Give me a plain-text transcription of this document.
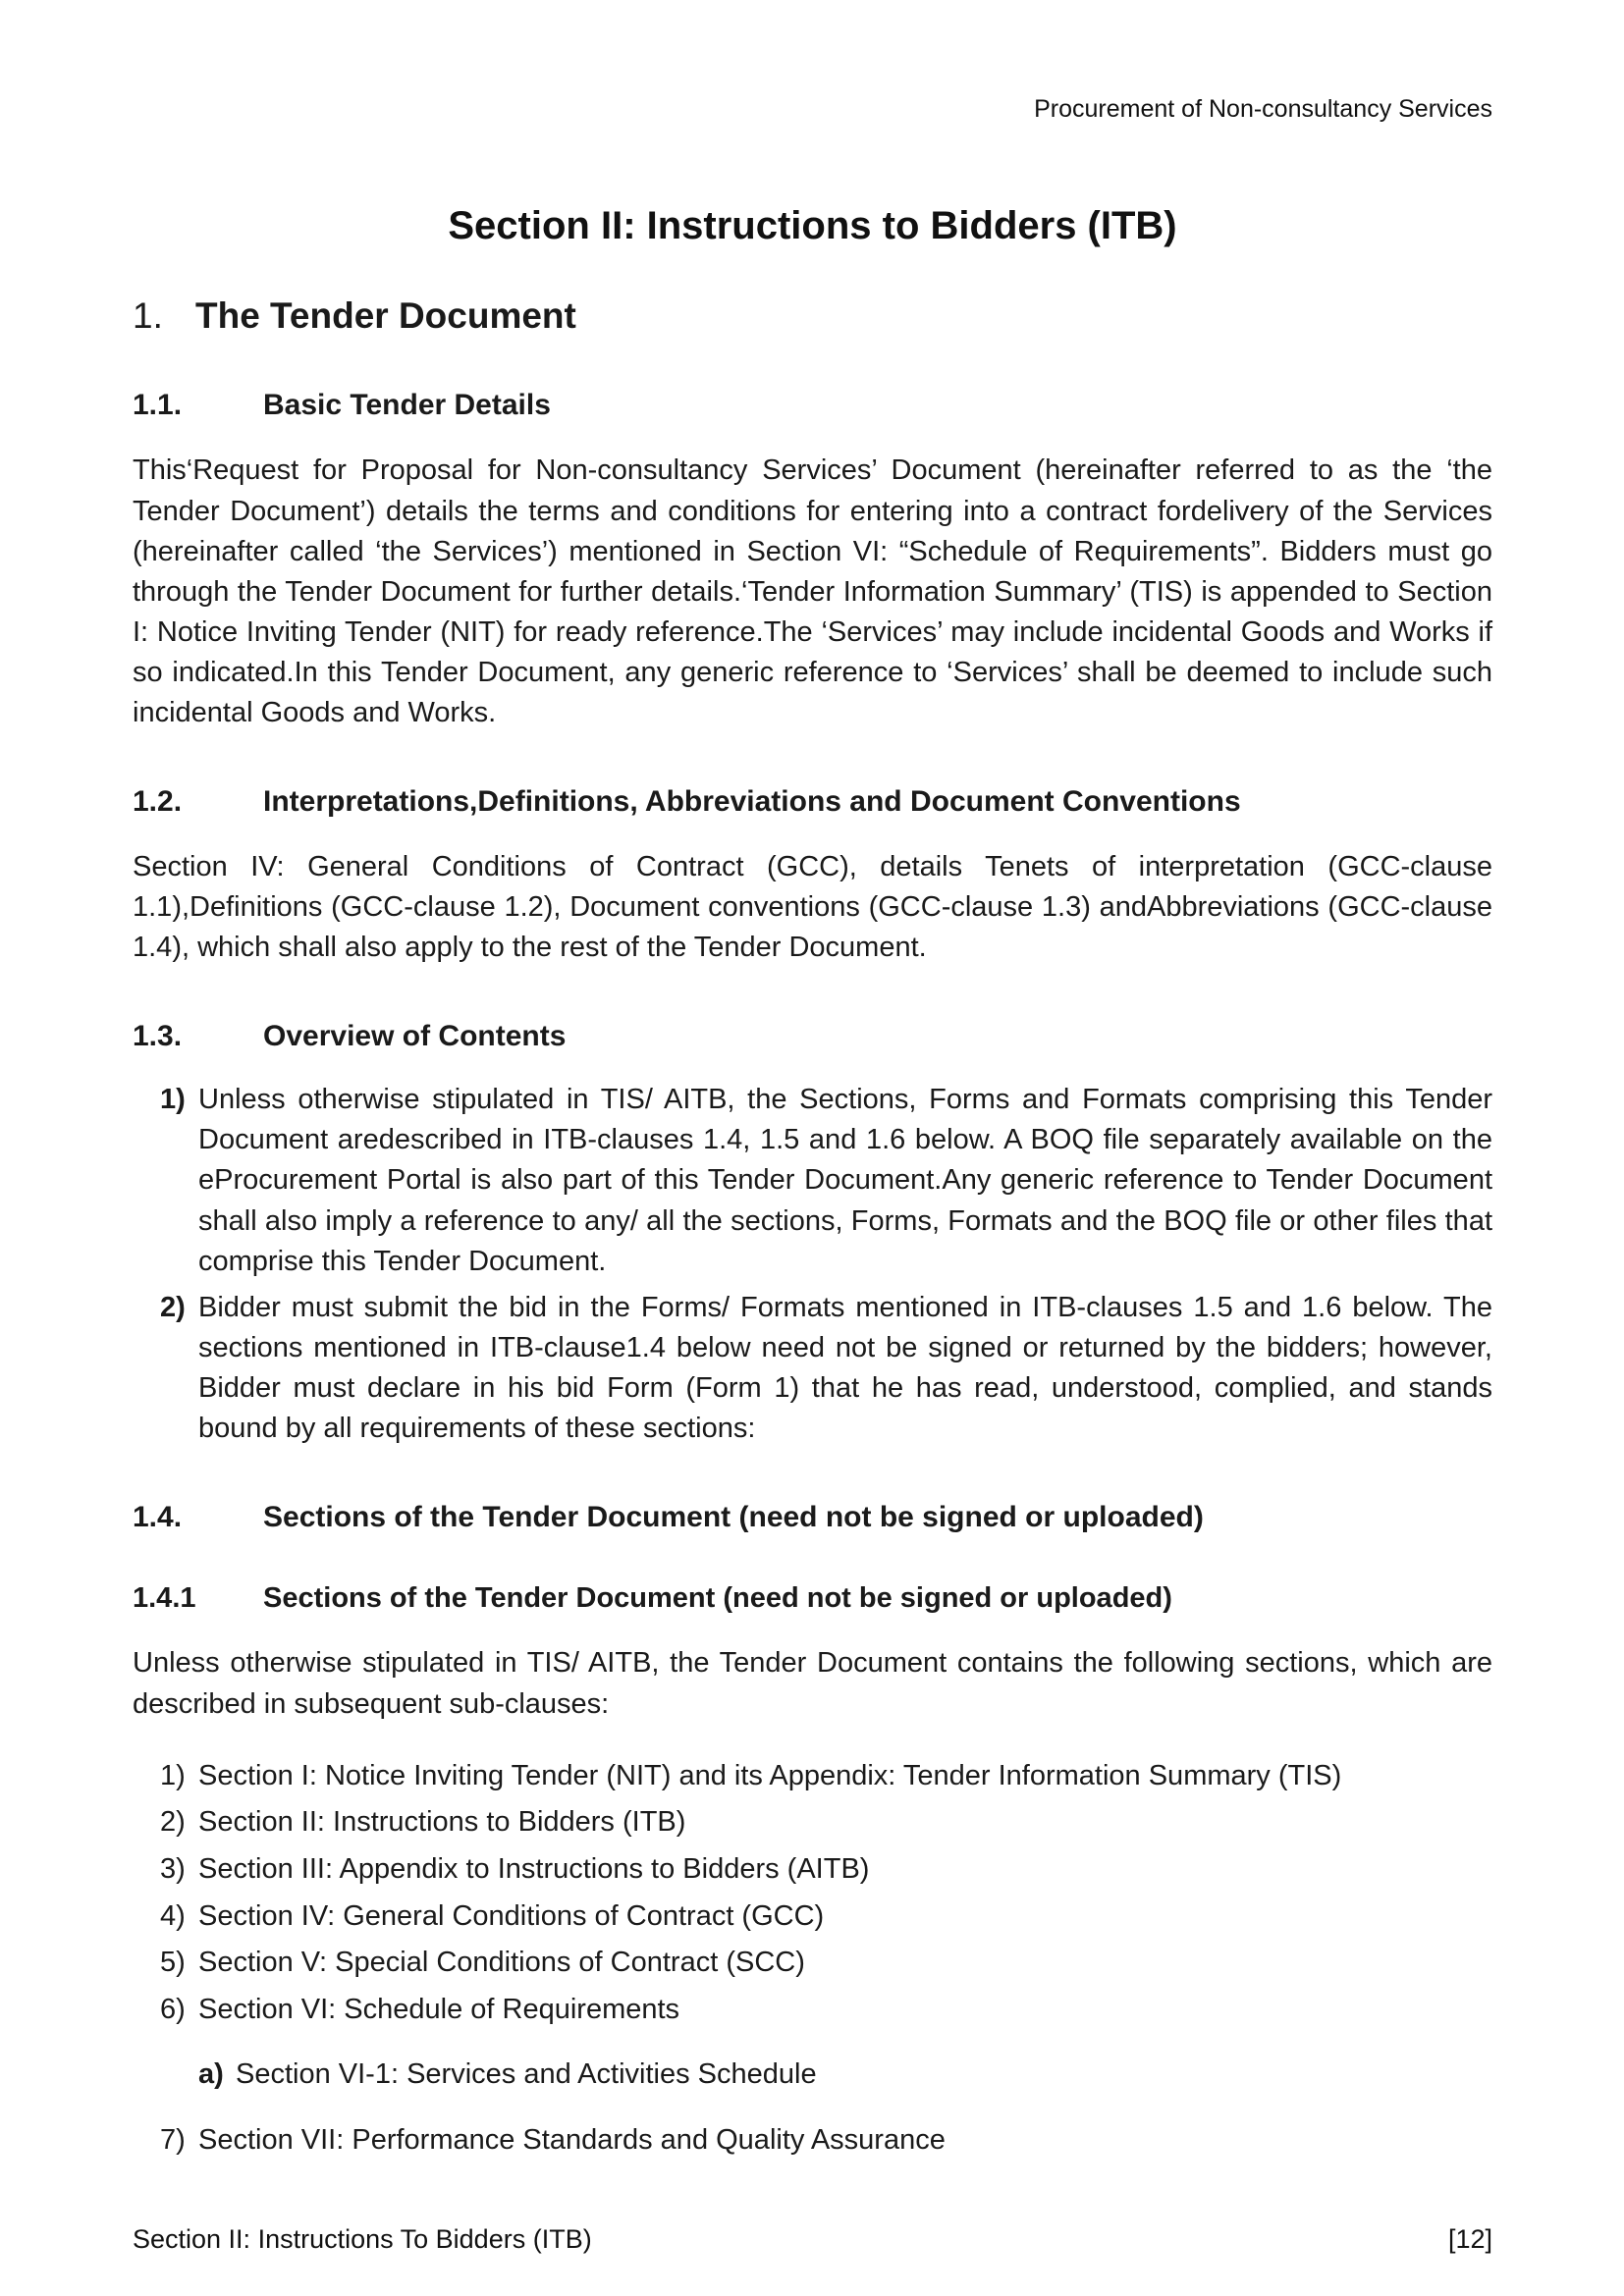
Procurement of Non-consultancy Services
Section II: Instructions to Bidders (ITB)
1. The Tender Document
1.1.	Basic Tender Details

This‘Request for Proposal for Non-consultancy Services’ Document (hereinafter referred to as the ‘the Tender Document’) details the terms and conditions for entering into a contract fordelivery of the Services (hereinafter called ‘the Services’) mentioned in Section VI: “Schedule of Requirements”. Bidders must go through the Tender Document for further details.‘Tender Information Summary’ (TIS) is appended to Section I: Notice Inviting Tender (NIT) for ready reference.The ‘Services’ may include incidental Goods and Works if so indicated.In this Tender Document, any generic reference to ‘Services’ shall be deemed to include such incidental Goods and Works.

1.2.	Interpretations,Definitions, Abbreviations and Document Conventions

Section IV: General Conditions of Contract (GCC), details Tenets of interpretation (GCC-clause 1.1),Definitions (GCC-clause 1.2), Document conventions (GCC-clause 1.3) andAbbreviations (GCC-clause 1.4), which shall also apply to the rest of the Tender Document.

1.3.	Overview of Contents
1) Unless otherwise stipulated in TIS/ AITB, the Sections, Forms and Formats comprising this Tender Document aredescribed in ITB-clauses 1.4, 1.5 and 1.6 below. A BOQ file separately available on the eProcurement Portal is also part of this Tender Document.Any generic reference to Tender Document shall also imply a reference to any/ all the sections, Forms, Formats and the BOQ file or other files that comprise this Tender Document.
2) Bidder must submit the bid in the Forms/ Formats mentioned in ITB-clauses 1.5 and 1.6 below. The sections mentioned in ITB-clause1.4 below need not be signed or returned by the bidders; however, Bidder must declare in his bid Form (Form 1) that he has read, understood, complied, and stands bound by all requirements of these sections:
1.4.	Sections of the Tender Document (need not be signed or uploaded)
1.4.1	Sections of the Tender Document (need not be signed or uploaded)

Unless otherwise stipulated in TIS/ AITB, the Tender Document contains the following sections, which are described in subsequent sub-clauses:

1) Section I: Notice Inviting Tender (NIT) and its Appendix: Tender Information Summary (TIS)
2) Section II: Instructions to Bidders (ITB)
3) Section III: Appendix to Instructions to Bidders (AITB)
4) Section IV: General Conditions of Contract (GCC)
5) Section V: Special Conditions of Contract (SCC)
6) Section VI: Schedule of Requirements
a) Section VI-1: Services and Activities Schedule
7) Section VII: Performance Standards and Quality Assurance
Section II: Instructions To Bidders (ITB)	[12]
